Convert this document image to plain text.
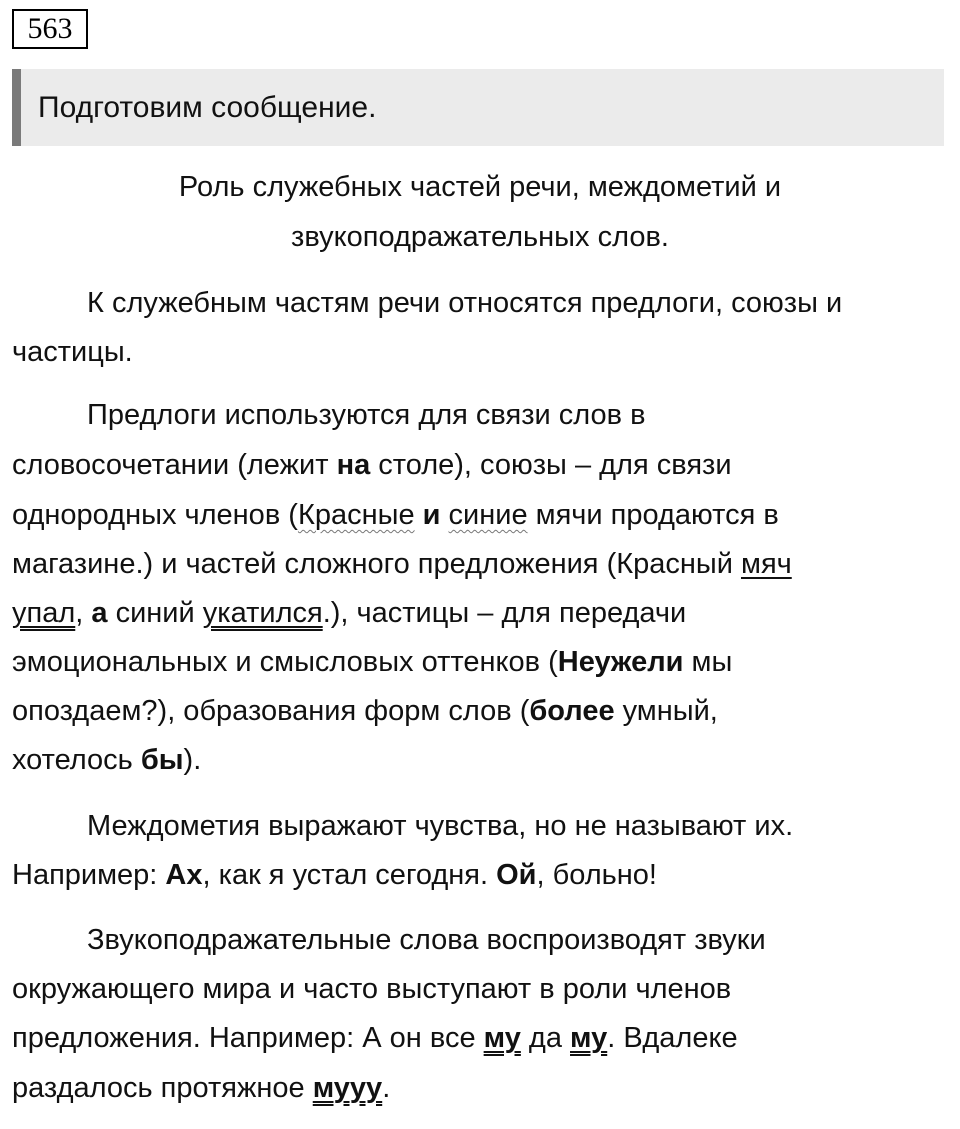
563
Подготовим сообщение.
Роль служебных частей речи, междометий и
звукоподражательных слов.
К служебным частям речи относятся предлоги, союзы и
частицы.
Предлоги используются для связи слов в
словосочетании (лежит на столе), союзы – для связи
однородных членов (Красные и синие мячи продаются в
магазине.) и частей сложного предложения (Красный мяч
упал, а синий укатился.), частицы – для передачи
эмоциональных и смысловых оттенков (Неужели мы
опоздаем?), образования форм слов (более умный,
хотелось бы).
Междометия выражают чувства, но не называют их.
Например: Ах, как я устал сегодня. Ой, больно!
Звукоподражательные слова воспроизводят звуки
окружающего мира и часто выступают в роли членов
предложения. Например: А он все му да му. Вдалеке
раздалось протяжное муyy.
